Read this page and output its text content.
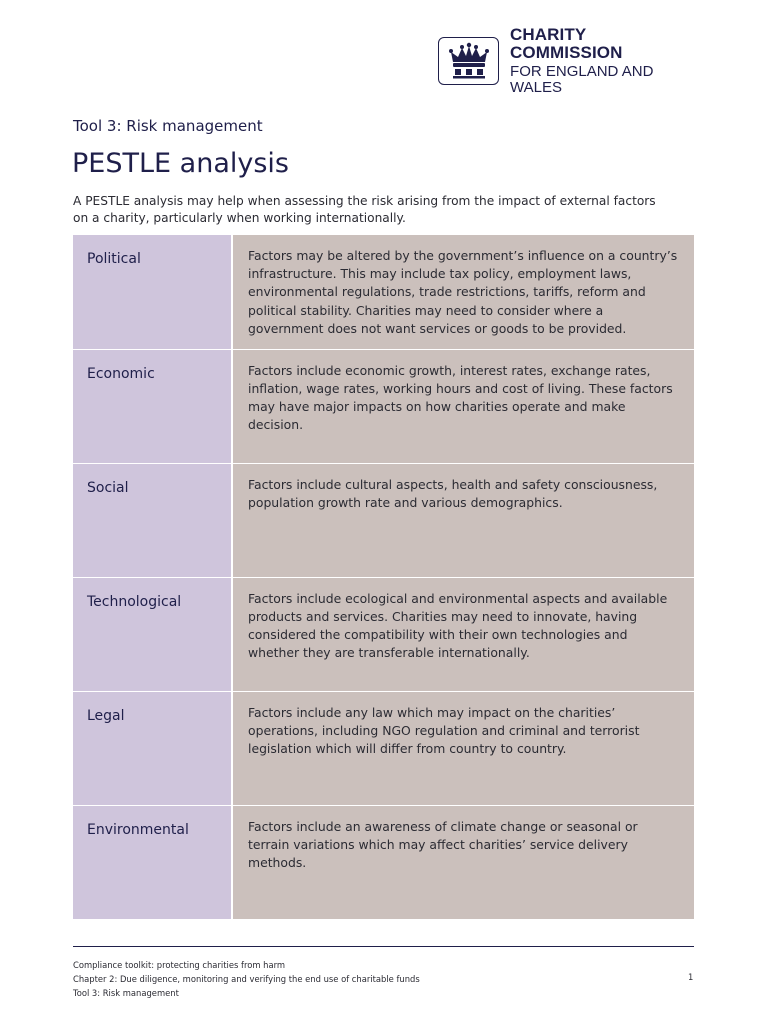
CHARITY COMMISSION
FOR ENGLAND AND WALES
Tool 3: Risk management
PESTLE analysis
A PESTLE analysis may help when assessing the risk arising from the impact of external factors on a charity, particularly when working internationally.
Political	Factors may be altered by the government’s influence on a country’s infrastructure. This may include tax policy, employment laws, environmental regulations, trade restrictions, tariffs, reform and political stability. Charities may need to consider where a government does not want services or goods to be provided.

Economic	Factors include economic growth, interest rates, exchange rates, inflation, wage rates, working hours and cost of living. These factors may have major impacts on how charities operate and make decision.

Social	Factors include cultural aspects, health and safety consciousness, population growth rate and various demographics.

Technological	Factors include ecological and environmental aspects and available products and services. Charities may need to innovate, having considered the compatibility with their own technologies and whether they are transferable internationally.

Legal	Factors include any law which may impact on the charities’ operations, including NGO regulation and criminal and terrorist legislation which will differ from country to country.

Environmental	Factors include an awareness of climate change or seasonal or terrain variations which may affect charities’ service delivery methods.
Compliance toolkit: protecting charities from harm
Chapter 2: Due diligence, monitoring and verifying the end use of charitable funds
Tool 3: Risk management
1
